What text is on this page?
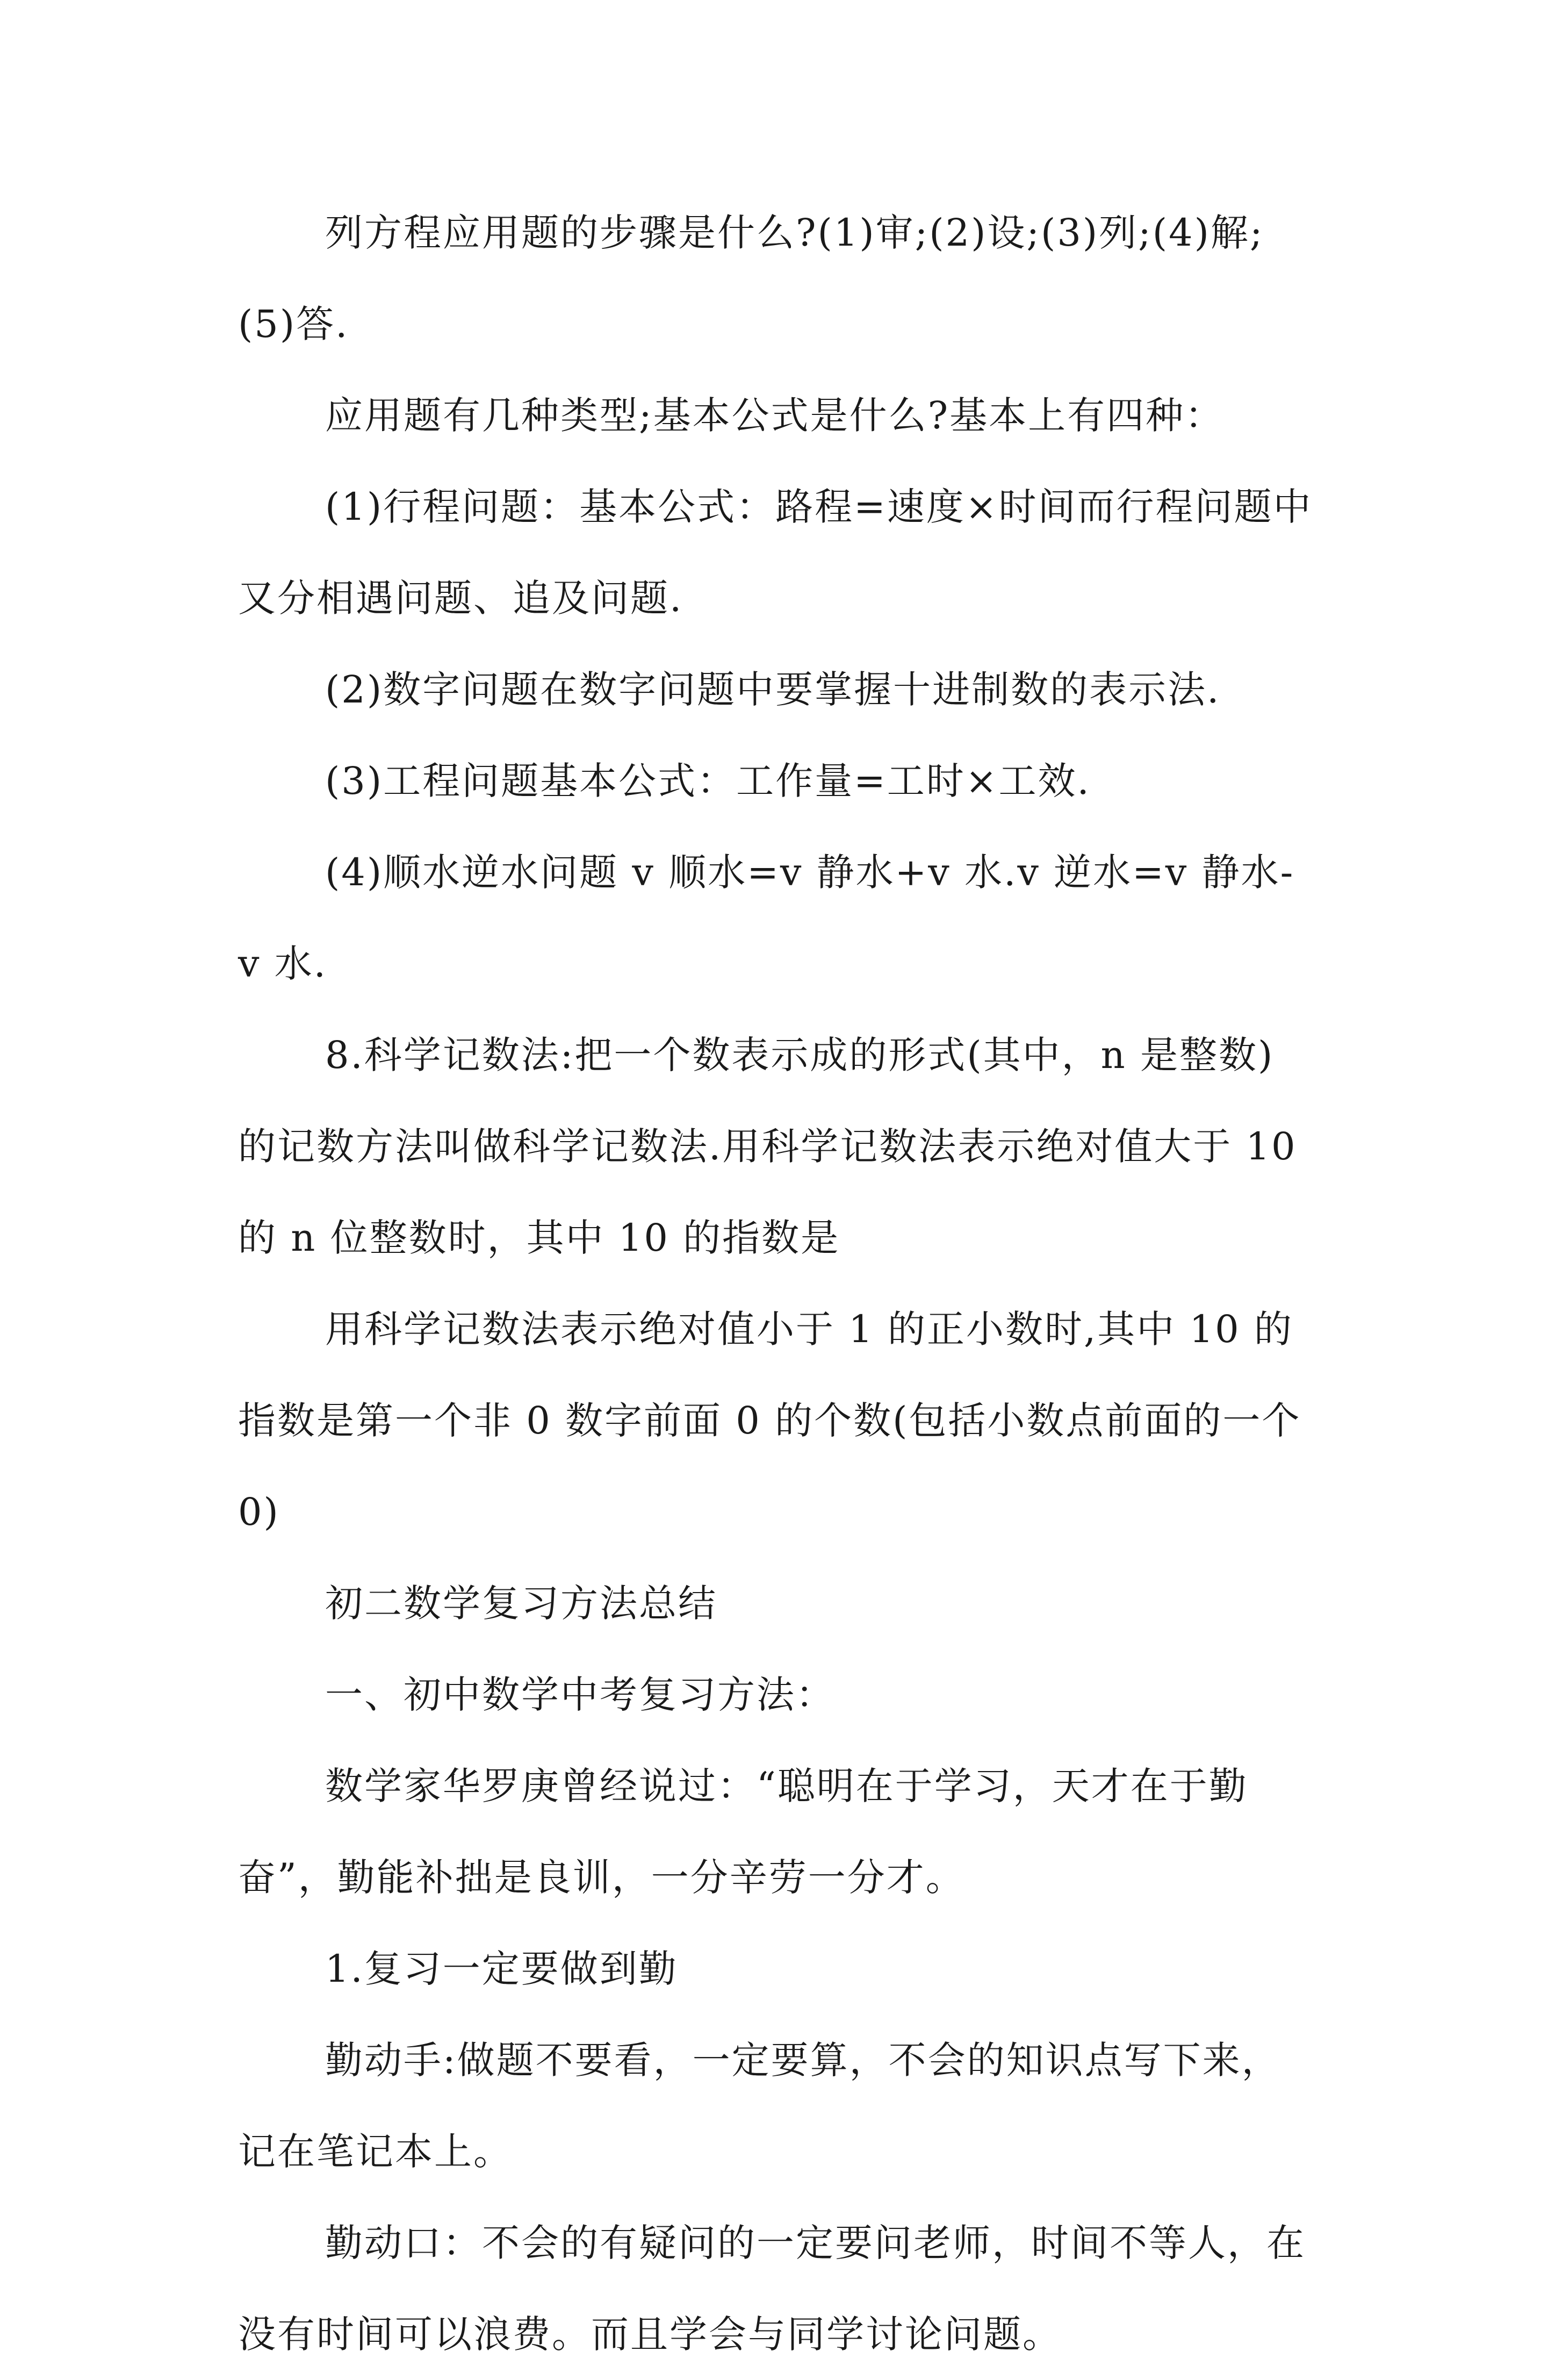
列方程应用题的步骤是什么?(1)审;(2)设;(3)列;(4)解;(5)答.

应用题有几种类型;基本公式是什么?基本上有四种：

(1)行程问题：基本公式：路程=速度×时间而行程问题中又分相遇问题、追及问题.

(2)数字问题在数字问题中要掌握十进制数的表示法.

(3)工程问题基本公式：工作量=工时×工效.

(4)顺水逆水问题 v 顺水=v 静水+v 水.v 逆水=v 静水-v 水.

8.科学记数法:把一个数表示成的形式(其中，n 是整数)的记数方法叫做科学记数法.用科学记数法表示绝对值大于 10 的 n 位整数时，其中 10 的指数是

用科学记数法表示绝对值小于 1 的正小数时,其中 10 的指数是第一个非 0 数字前面 0 的个数(包括小数点前面的一个 0)

初二数学复习方法总结

一、初中数学中考复习方法：

数学家华罗庚曾经说过：“聪明在于学习，天才在于勤奋”，勤能补拙是良训，一分辛劳一分才。

1.复习一定要做到勤

勤动手:做题不要看，一定要算，不会的知识点写下来，记在笔记本上。

勤动口：不会的有疑问的一定要问老师，时间不等人，在没有时间可以浪费。而且学会与同学讨论问题。
